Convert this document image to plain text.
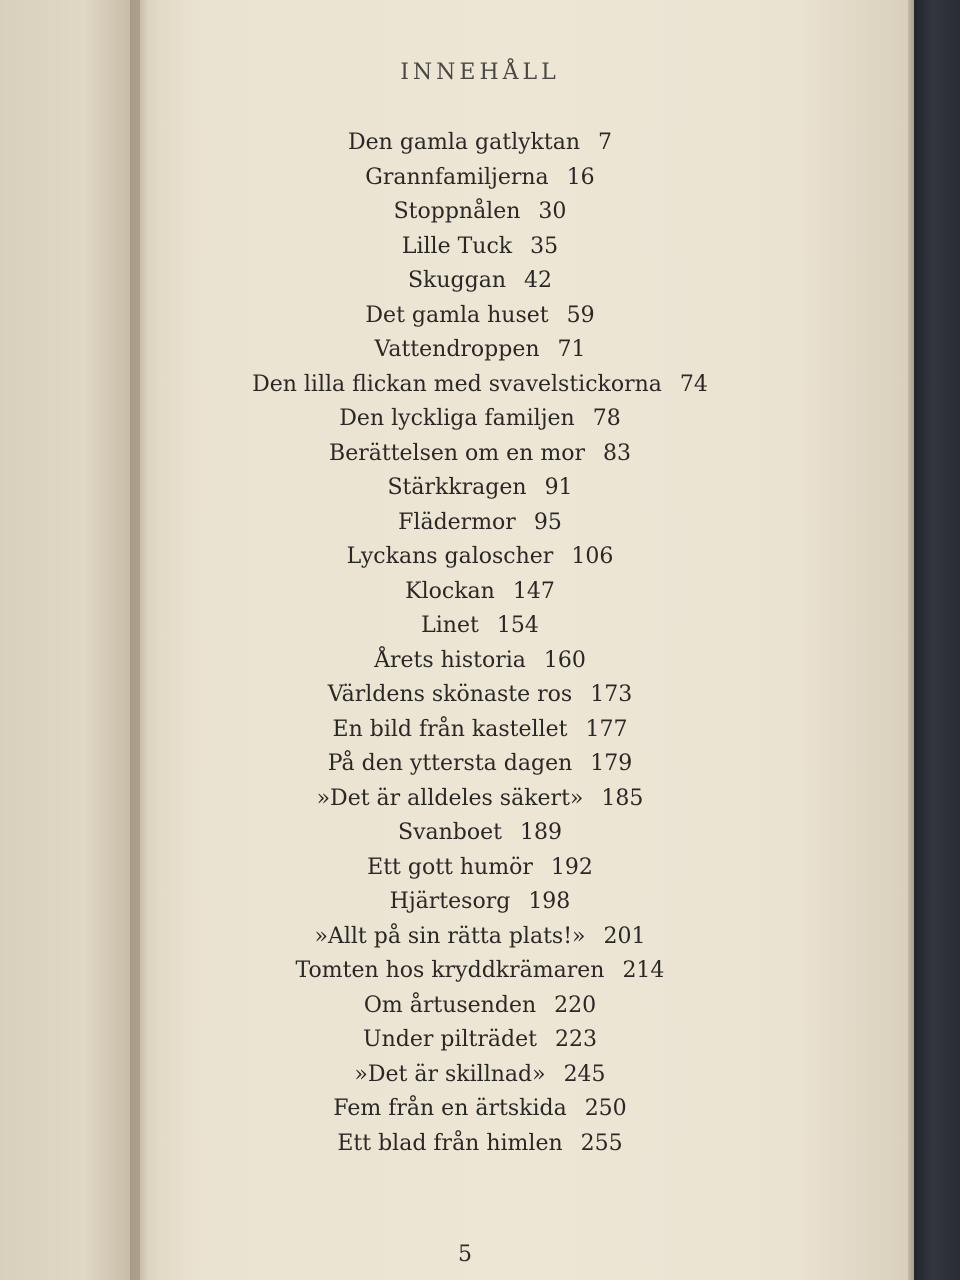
INNEHÅLL
Den gamla gatlyktan 7
Grannfamiljerna 16
Stoppnålen 30
Lille Tuck 35
Skuggan 42
Det gamla huset 59
Vattendroppen 71
Den lilla flickan med svavelstickorna 74
Den lyckliga familjen 78
Berättelsen om en mor 83
Stärkkragen 91
Flädermor 95
Lyckans galoscher 106
Klockan 147
Linet 154
Årets historia 160
Världens skönaste ros 173
En bild från kastellet 177
På den yttersta dagen 179
»Det är alldeles säkert» 185
Svanboet 189
Ett gott humör 192
Hjärtesorg 198
»Allt på sin rätta plats!» 201
Tomten hos kryddkrämaren 214
Om årtusenden 220
Under pilträdet 223
»Det är skillnad» 245
Fem från en ärtskida 250
Ett blad från himlen 255
5
